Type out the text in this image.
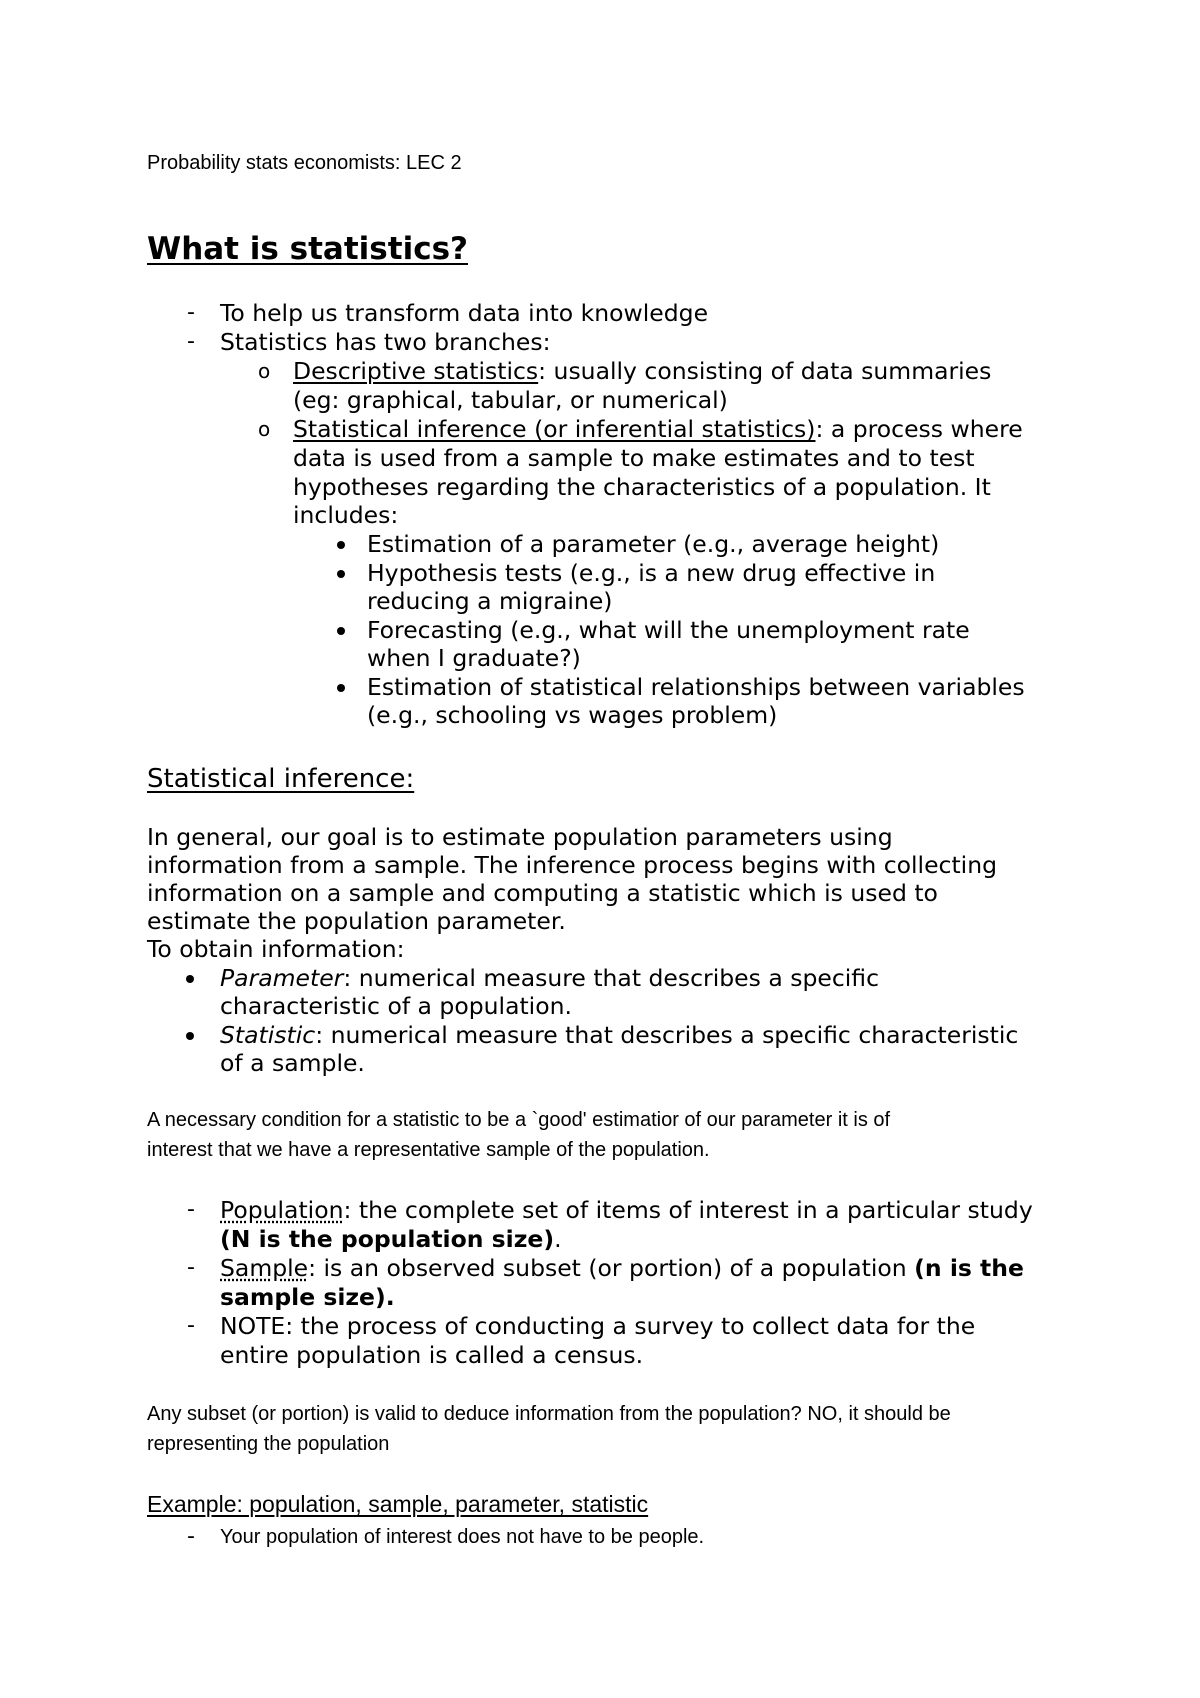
Probability stats economists: LEC 2
What is statistics?
- To help us transform data into knowledge
- Statistics has two branches:
o Descriptive statistics: usually consisting of data summaries
(eg: graphical, tabular, or numerical)
o Statistical inference (or inferential statistics): a process where
data is used from a sample to make estimates and to test
hypotheses regarding the characteristics of a population. It
includes:
Estimation of a parameter (e.g., average height)
Hypothesis tests (e.g., is a new drug effective in
reducing a migraine)
Forecasting (e.g., what will the unemployment rate
when I graduate?)
Estimation of statistical relationships between variables
(e.g., schooling vs wages problem)
Statistical inference:
In general, our goal is to estimate population parameters using
information from a sample. The inference process begins with collecting
information on a sample and computing a statistic which is used to
estimate the population parameter.
To obtain information:
Parameter: numerical measure that describes a specific
characteristic of a population.
Statistic: numerical measure that describes a specific characteristic
of a sample.
A necessary condition for a statistic to be a `good' estimatior of our parameter it is of
interest that we have a representative sample of the population.
- Population: the complete set of items of interest in a particular study
(N is the population size).
- Sample: is an observed subset (or portion) of a population (n is the
sample size).
- NOTE: the process of conducting a survey to collect data for the
entire population is called a census.
Any subset (or portion) is valid to deduce information from the population? NO, it should be
representing the population
Example: population, sample, parameter, statistic
- Your population of interest does not have to be people.
